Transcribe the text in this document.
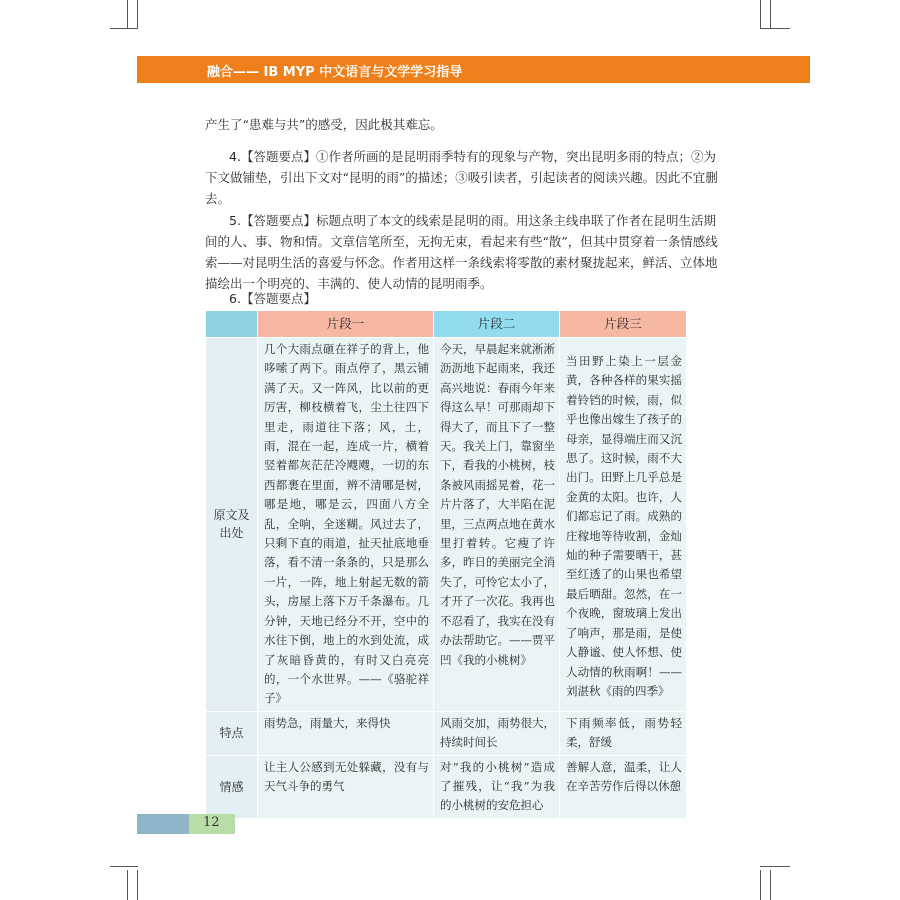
融合—— IB MYP 中文语言与文学学习指导

产生了“患难与共”的感受，因此极其难忘。

4.【答题要点】①作者所画的是昆明雨季特有的现象与产物，突出昆明多雨的特点；②为下文做铺垫，引出下文对“昆明的雨”的描述；③吸引读者，引起读者的阅读兴趣。因此不宜删去。

5.【答题要点】标题点明了本文的线索是昆明的雨。用这条主线串联了作者在昆明生活期间的人、事、物和情。文章信笔所至，无拘无束，看起来有些“散”，但其中贯穿着一条情感线索——对昆明生活的喜爱与怀念。作者用这样一条线索将零散的素材聚拢起来，鲜活、立体地描绘出一个明亮的、丰满的、使人动情的昆明雨季。

6.【答题要点】

	片段一	片段二	片段三
原文及出处	几个大雨点砸在祥子的背上，他哆嗦了两下。雨点停了，黑云铺满了天。又一阵风，比以前的更厉害，柳枝横着飞，尘土往四下里走，雨道往下落；风，土，雨，混在一起，连成一片，横着竖着都灰茫茫冷飕飕，一切的东西都裹在里面，辨不清哪是树，哪是地，哪是云，四面八方全乱，全响，全迷糊。风过去了，只剩下直的雨道，扯天扯底地垂落，看不清一条条的，只是那么一片，一阵，地上射起无数的箭头，房屋上落下万千条瀑布。几分钟，天地已经分不开，空中的水往下倒，地上的水到处流，成了灰暗昏黄的，有时又白亮亮的，一个水世界。——《骆驼祥子》	今天，早晨起来就淅淅沥沥地下起雨来，我还高兴地说：春雨今年来得这么早！可那雨却下得大了，而且下了一整天。我关上门，靠窗坐下，看我的小桃树，枝条被风雨摇晃着，花一片片落了，大半陷在泥里，三点两点地在黄水里打着转。它瘦了许多，昨日的美丽完全消失了，可怜它太小了，才开了一次花。我再也不忍看了，我实在没有办法帮助它。——贾平凹《我的小桃树》	当田野上染上一层金黄，各种各样的果实摇着铃铛的时候，雨，似乎也像出嫁生了孩子的母亲，显得端庄而又沉思了。这时候，雨不大出门。田野上几乎总是金黄的太阳。也许，人们都忘记了雨。成熟的庄稼地等待收割，金灿灿的种子需要晒干，甚至红透了的山果也希望最后晒甜。忽然，在一个夜晚，窗玻璃上发出了响声，那是雨，是使人静谧、使人怀想、使人动情的秋雨啊！——刘湛秋《雨的四季》
特点	雨势急，雨量大，来得快	风雨交加，雨势很大，持续时间长	下雨频率低，雨势轻柔，舒缓
情感	让主人公感到无处躲藏，没有与天气斗争的勇气	对“我的小桃树”造成了摧残，让“我”为我的小桃树的安危担心	善解人意，温柔，让人在辛苦劳作后得以休憩
12
